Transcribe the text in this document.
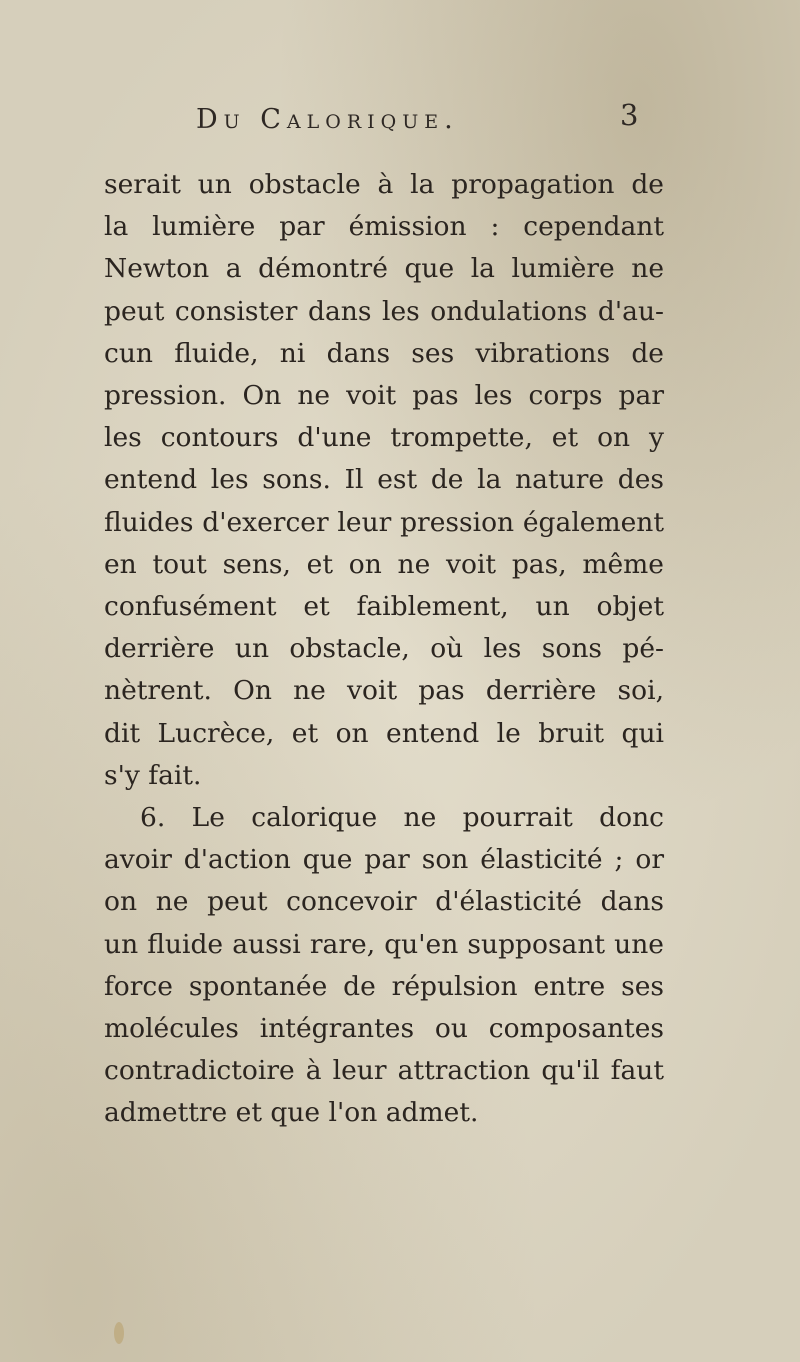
Du Calorique.	3
serait un obstacle à la propagation de
la lumière par émission : cependant
Newton a démontré que la lumière ne
peut consister dans les ondulations d'au-
cun fluide, ni dans ses vibrations de
pression. On ne voit pas les corps par
les contours d'une trompette, et on y
entend les sons. Il est de la nature des
fluides d'exercer leur pression également
en tout sens, et on ne voit pas, même
confusément et faiblement, un objet
derrière un obstacle, où les sons pé-
nètrent. On ne voit pas derrière soi,
dit Lucrèce, et on entend le bruit qui
s'y fait.
6. Le calorique ne pourrait donc
avoir d'action que par son élasticité ; or
on ne peut concevoir d'élasticité dans
un fluide aussi rare, qu'en supposant une
force spontanée de répulsion entre ses
molécules intégrantes ou composantes
contradictoire à leur attraction qu'il faut
admettre et que l'on admet.
